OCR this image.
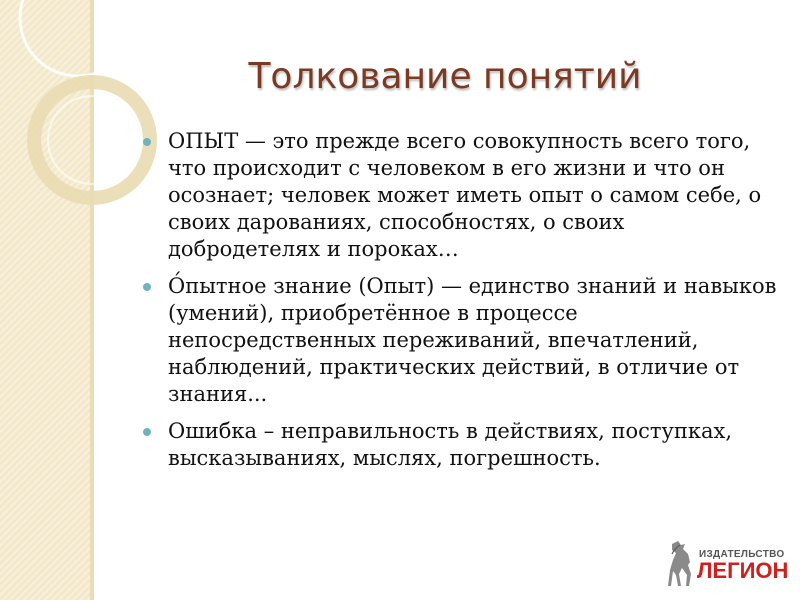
Толкование понятий
ОПЫТ — это прежде всего совокупность всего того, что происходит с человеком в его жизни и что он осознает; человек может иметь опыт о самом себе, о своих дарованиях, способностях, о своих добродетелях и пороках…
О́пытное знание (Опыт) — единство знаний и навыков (умений), приобретённое в процессе непосредственных переживаний, впечатлений, наблюдений, практических действий, в отличие от знания...
Ошибка – неправильность в действиях, поступках, высказываниях, мыслях, погрешность.
ИЗДАТЕЛЬСТВО
ЛЕГИОН
